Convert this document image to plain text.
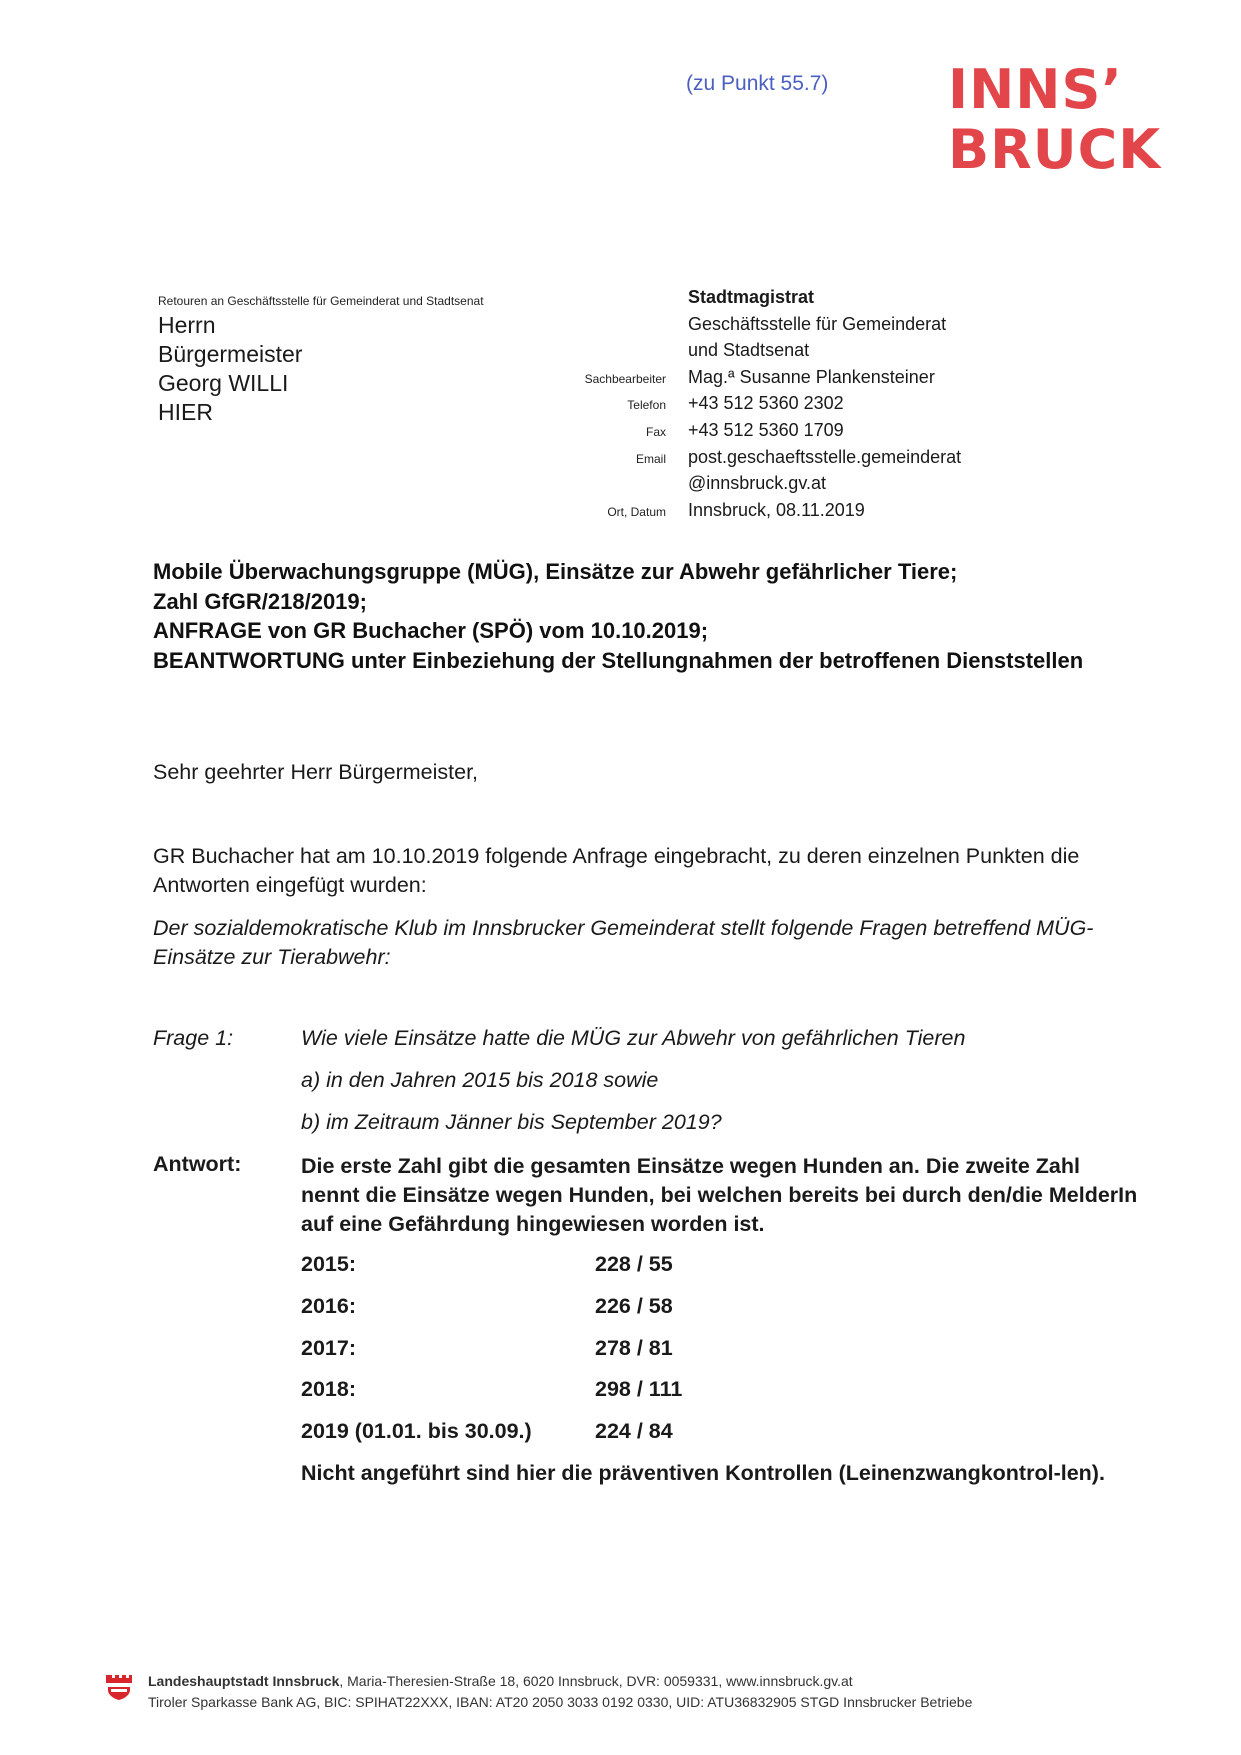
(zu Punkt 55.7) INNS’
BRUCK
Retouren an Geschäftsstelle für Gemeinderat und Stadtsenat
Herrn
Bürgermeister
Georg WILLI
HIER
Stadtmagistrat
Geschäftsstelle für Gemeinderat
und Stadtsenat
Sachbearbeiter	Mag.ª Susanne Plankensteiner
Telefon	+43 512 5360 2302
Fax	+43 512 5360 1709
Email	post.geschaeftsstelle.gemeinderat
@innsbruck.gv.at
Ort, Datum	Innsbruck, 08.11.2019
Mobile Überwachungsgruppe (MÜG), Einsätze zur Abwehr gefährlicher Tiere;
Zahl GfGR/218/2019;
ANFRAGE von GR Buchacher (SPÖ) vom 10.10.2019;
BEANTWORTUNG unter Einbeziehung der Stellungnahmen der betroffenen Dienststellen
Sehr geehrter Herr Bürgermeister,
GR Buchacher hat am 10.10.2019 folgende Anfrage eingebracht, zu deren einzelnen Punkten die Antworten eingefügt wurden:
Der sozialdemokratische Klub im Innsbrucker Gemeinderat stellt folgende Fragen betreffend MÜG-Einsätze zur Tierabwehr:
Frage 1:	Wie viele Einsätze hatte die MÜG zur Abwehr von gefährlichen Tieren
a) in den Jahren 2015 bis 2018 sowie
b) im Zeitraum Jänner bis September 2019?
Antwort:	Die erste Zahl gibt die gesamten Einsätze wegen Hunden an. Die zweite Zahl nennt die Einsätze wegen Hunden, bei welchen bereits bei durch den/die MelderIn auf eine Gefährdung hingewiesen worden ist.
2015:	228 / 55
2016:	226 / 58
2017:	278 / 81
2018:	298 / 111
2019 (01.01. bis 30.09.)	224 / 84
Nicht angeführt sind hier die präventiven Kontrollen (Leinenzwangkontrol-len).
Landeshauptstadt Innsbruck, Maria-Theresien-Straße 18, 6020 Innsbruck, DVR: 0059331, www.innsbruck.gv.at
Tiroler Sparkasse Bank AG, BIC: SPIHAT22XXX, IBAN: AT20 2050 3033 0192 0330, UID: ATU36832905 STGD Innsbrucker Betriebe
